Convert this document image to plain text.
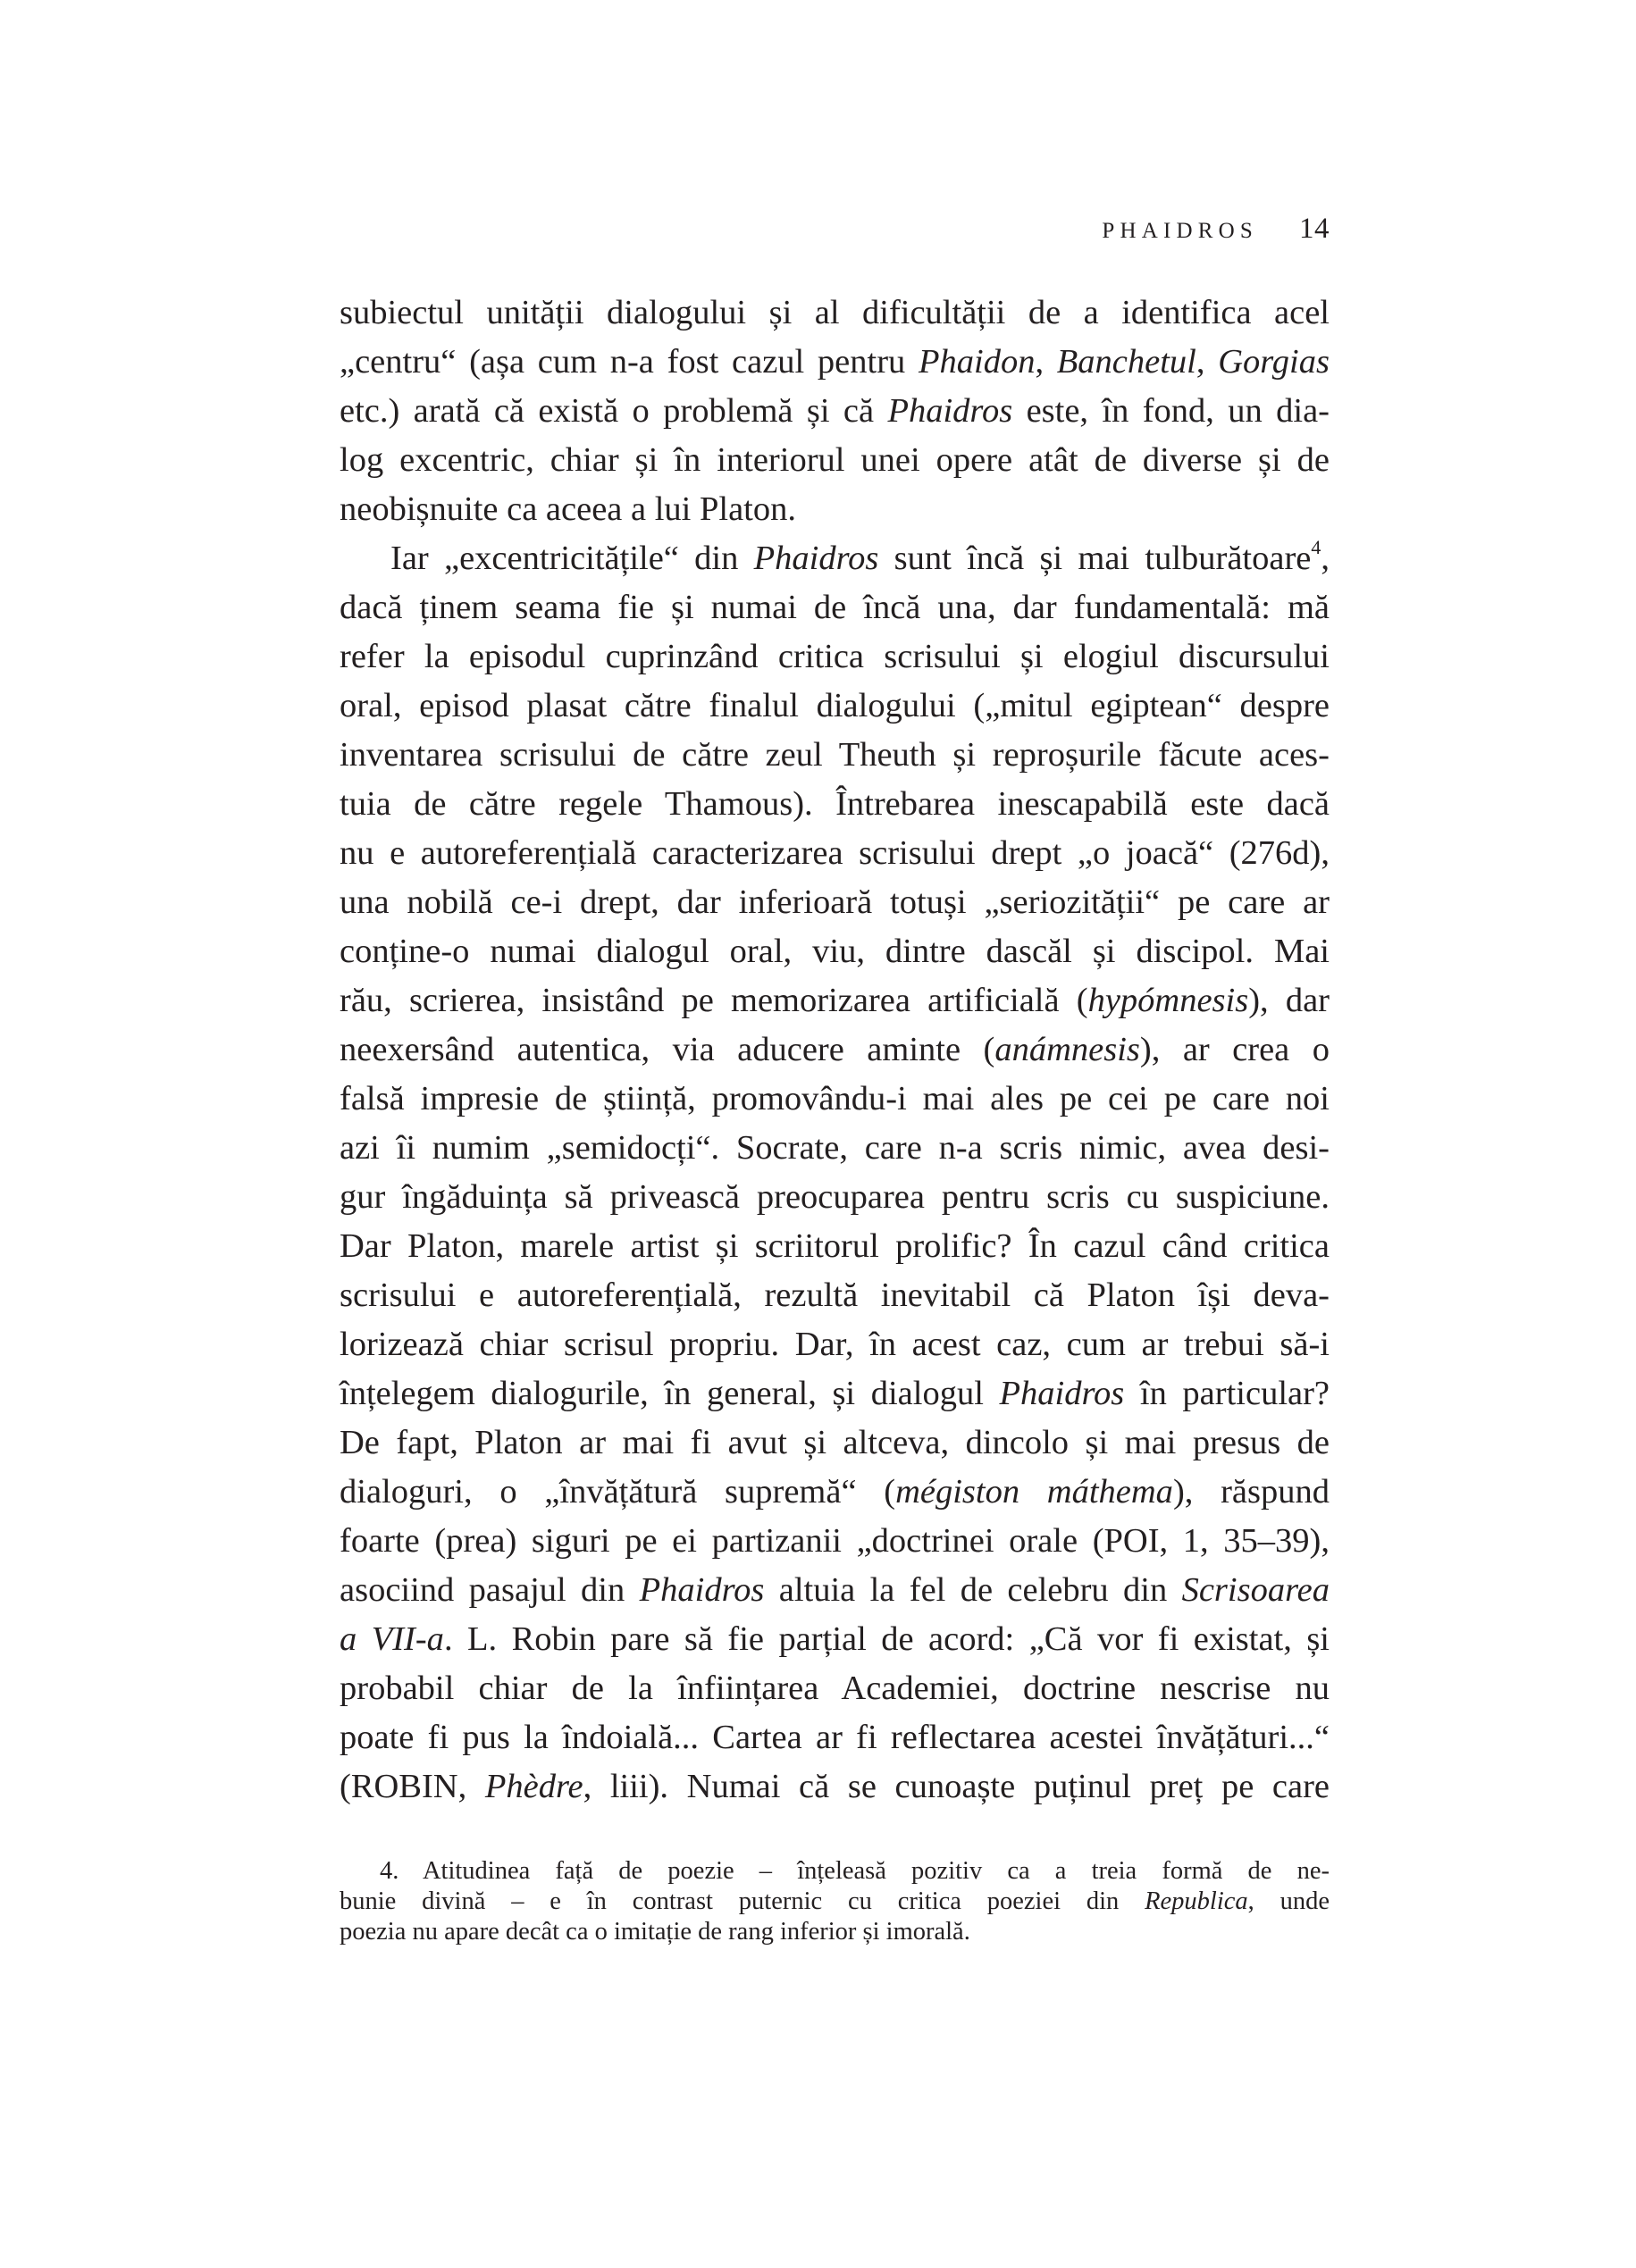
PHAIDROS 14
subiectul unității dialogului și al dificultății de a identifica acel
„centru“ (așa cum n-a fost cazul pentru Phaidon, Banchetul, Gorgias
etc.) arată că există o problemă și că Phaidros este, în fond, un dia-
log excentric, chiar și în interiorul unei opere atât de diverse și de
neobișnuite ca aceea a lui Platon.
Iar „excentricitățile“ din Phaidros sunt încă și mai tulburătoare$^4$,
dacă ținem seama fie și numai de încă una, dar fundamentală: mă
refer la episodul cuprinzând critica scrisului și elogiul discursului
oral, episod plasat către finalul dialogului („mitul egiptean“ despre
inventarea scrisului de către zeul Theuth și reproșurile făcute aces-
tuia de către regele Thamous). Întrebarea inescapabilă este dacă
nu e autoreferențială caracterizarea scrisului drept „o joacă“ (276d),
una nobilă ce-i drept, dar inferioară totuși „seriozității“ pe care ar
conține-o numai dialogul oral, viu, dintre dascăl și discipol. Mai
rău, scrierea, insistând pe memorizarea artificială (hypómnesis), dar
neexersând autentica, via aducere aminte (anámnesis), ar crea o
falsă impresie de știință, promovându-i mai ales pe cei pe care noi
azi îi numim „semidocți“. Socrate, care n-a scris nimic, avea desi-
gur îngăduința să privească preocuparea pentru scris cu suspiciune.
Dar Platon, marele artist și scriitorul prolific? În cazul când critica
scrisului e autoreferențială, rezultă inevitabil că Platon își deva-
lorizează chiar scrisul propriu. Dar, în acest caz, cum ar trebui să-i
înțelegem dialogurile, în general, și dialogul Phaidros în particular?
De fapt, Platon ar mai fi avut și altceva, dincolo și mai presus de
dialoguri, o „învățătură supremă“ (mégiston máthema), răspund
foarte (prea) siguri pe ei partizanii „doctrinei orale (POI, 1, 35–39),
asociind pasajul din Phaidros altuia la fel de celebru din Scrisoarea
a VII-a. L. Robin pare să fie parțial de acord: „Că vor fi existat, și
probabil chiar de la înființarea Academiei, doctrine nescrise nu
poate fi pus la îndoială... Cartea ar fi reflectarea acestei învățături...“
(ROBIN, Phèdre, liii). Numai că se cunoaște puținul preț pe care
4. Atitudinea față de poezie – înțeleasă pozitiv ca a treia formă de ne-
bunie divină – e în contrast puternic cu critica poeziei din Republica, unde
poezia nu apare decât ca o imitație de rang inferior și imorală.
